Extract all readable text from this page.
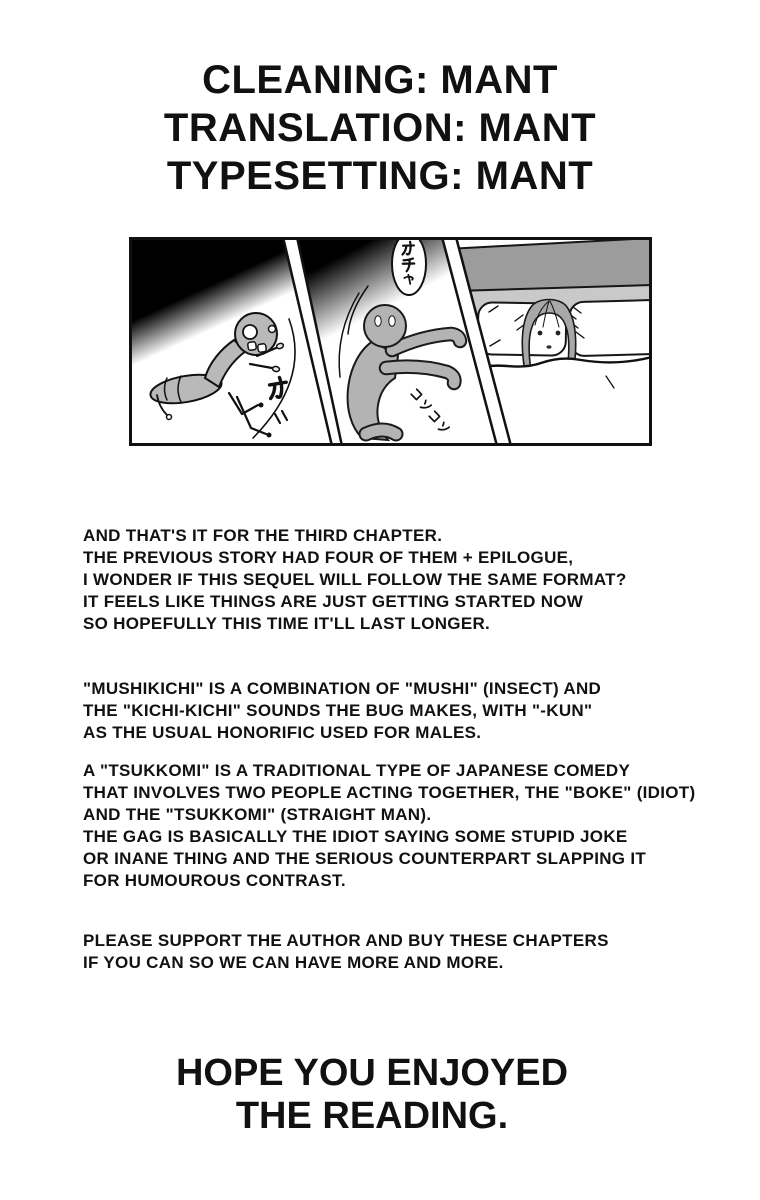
CLEANING: MANT
TRANSLATION: MANT
TYPESETTING: MANT
AND THAT'S IT FOR THE THIRD CHAPTER.
THE PREVIOUS STORY HAD FOUR OF THEM + EPILOGUE,
I WONDER IF THIS SEQUEL WILL FOLLOW THE SAME FORMAT?
IT FEELS LIKE THINGS ARE JUST GETTING STARTED NOW
SO HOPEFULLY THIS TIME IT'LL LAST LONGER.
"MUSHIKICHI" IS A COMBINATION OF "MUSHI" (INSECT) AND
THE "KICHI-KICHI" SOUNDS THE BUG MAKES, WITH "-KUN"
AS THE USUAL HONORIFIC USED FOR MALES.
A "TSUKKOMI" IS A TRADITIONAL TYPE OF JAPANESE COMEDY
THAT INVOLVES TWO PEOPLE ACTING TOGETHER, THE "BOKE" (IDIOT)
AND THE "TSUKKOMI" (STRAIGHT MAN).
THE GAG IS BASICALLY THE IDIOT SAYING SOME STUPID JOKE
OR INANE THING AND THE SERIOUS COUNTERPART SLAPPING IT
FOR HUMOUROUS CONTRAST.
PLEASE SUPPORT THE AUTHOR AND BUY THESE CHAPTERS
IF YOU CAN SO WE CAN HAVE MORE AND MORE.
HOPE YOU ENJOYED
THE READING.
